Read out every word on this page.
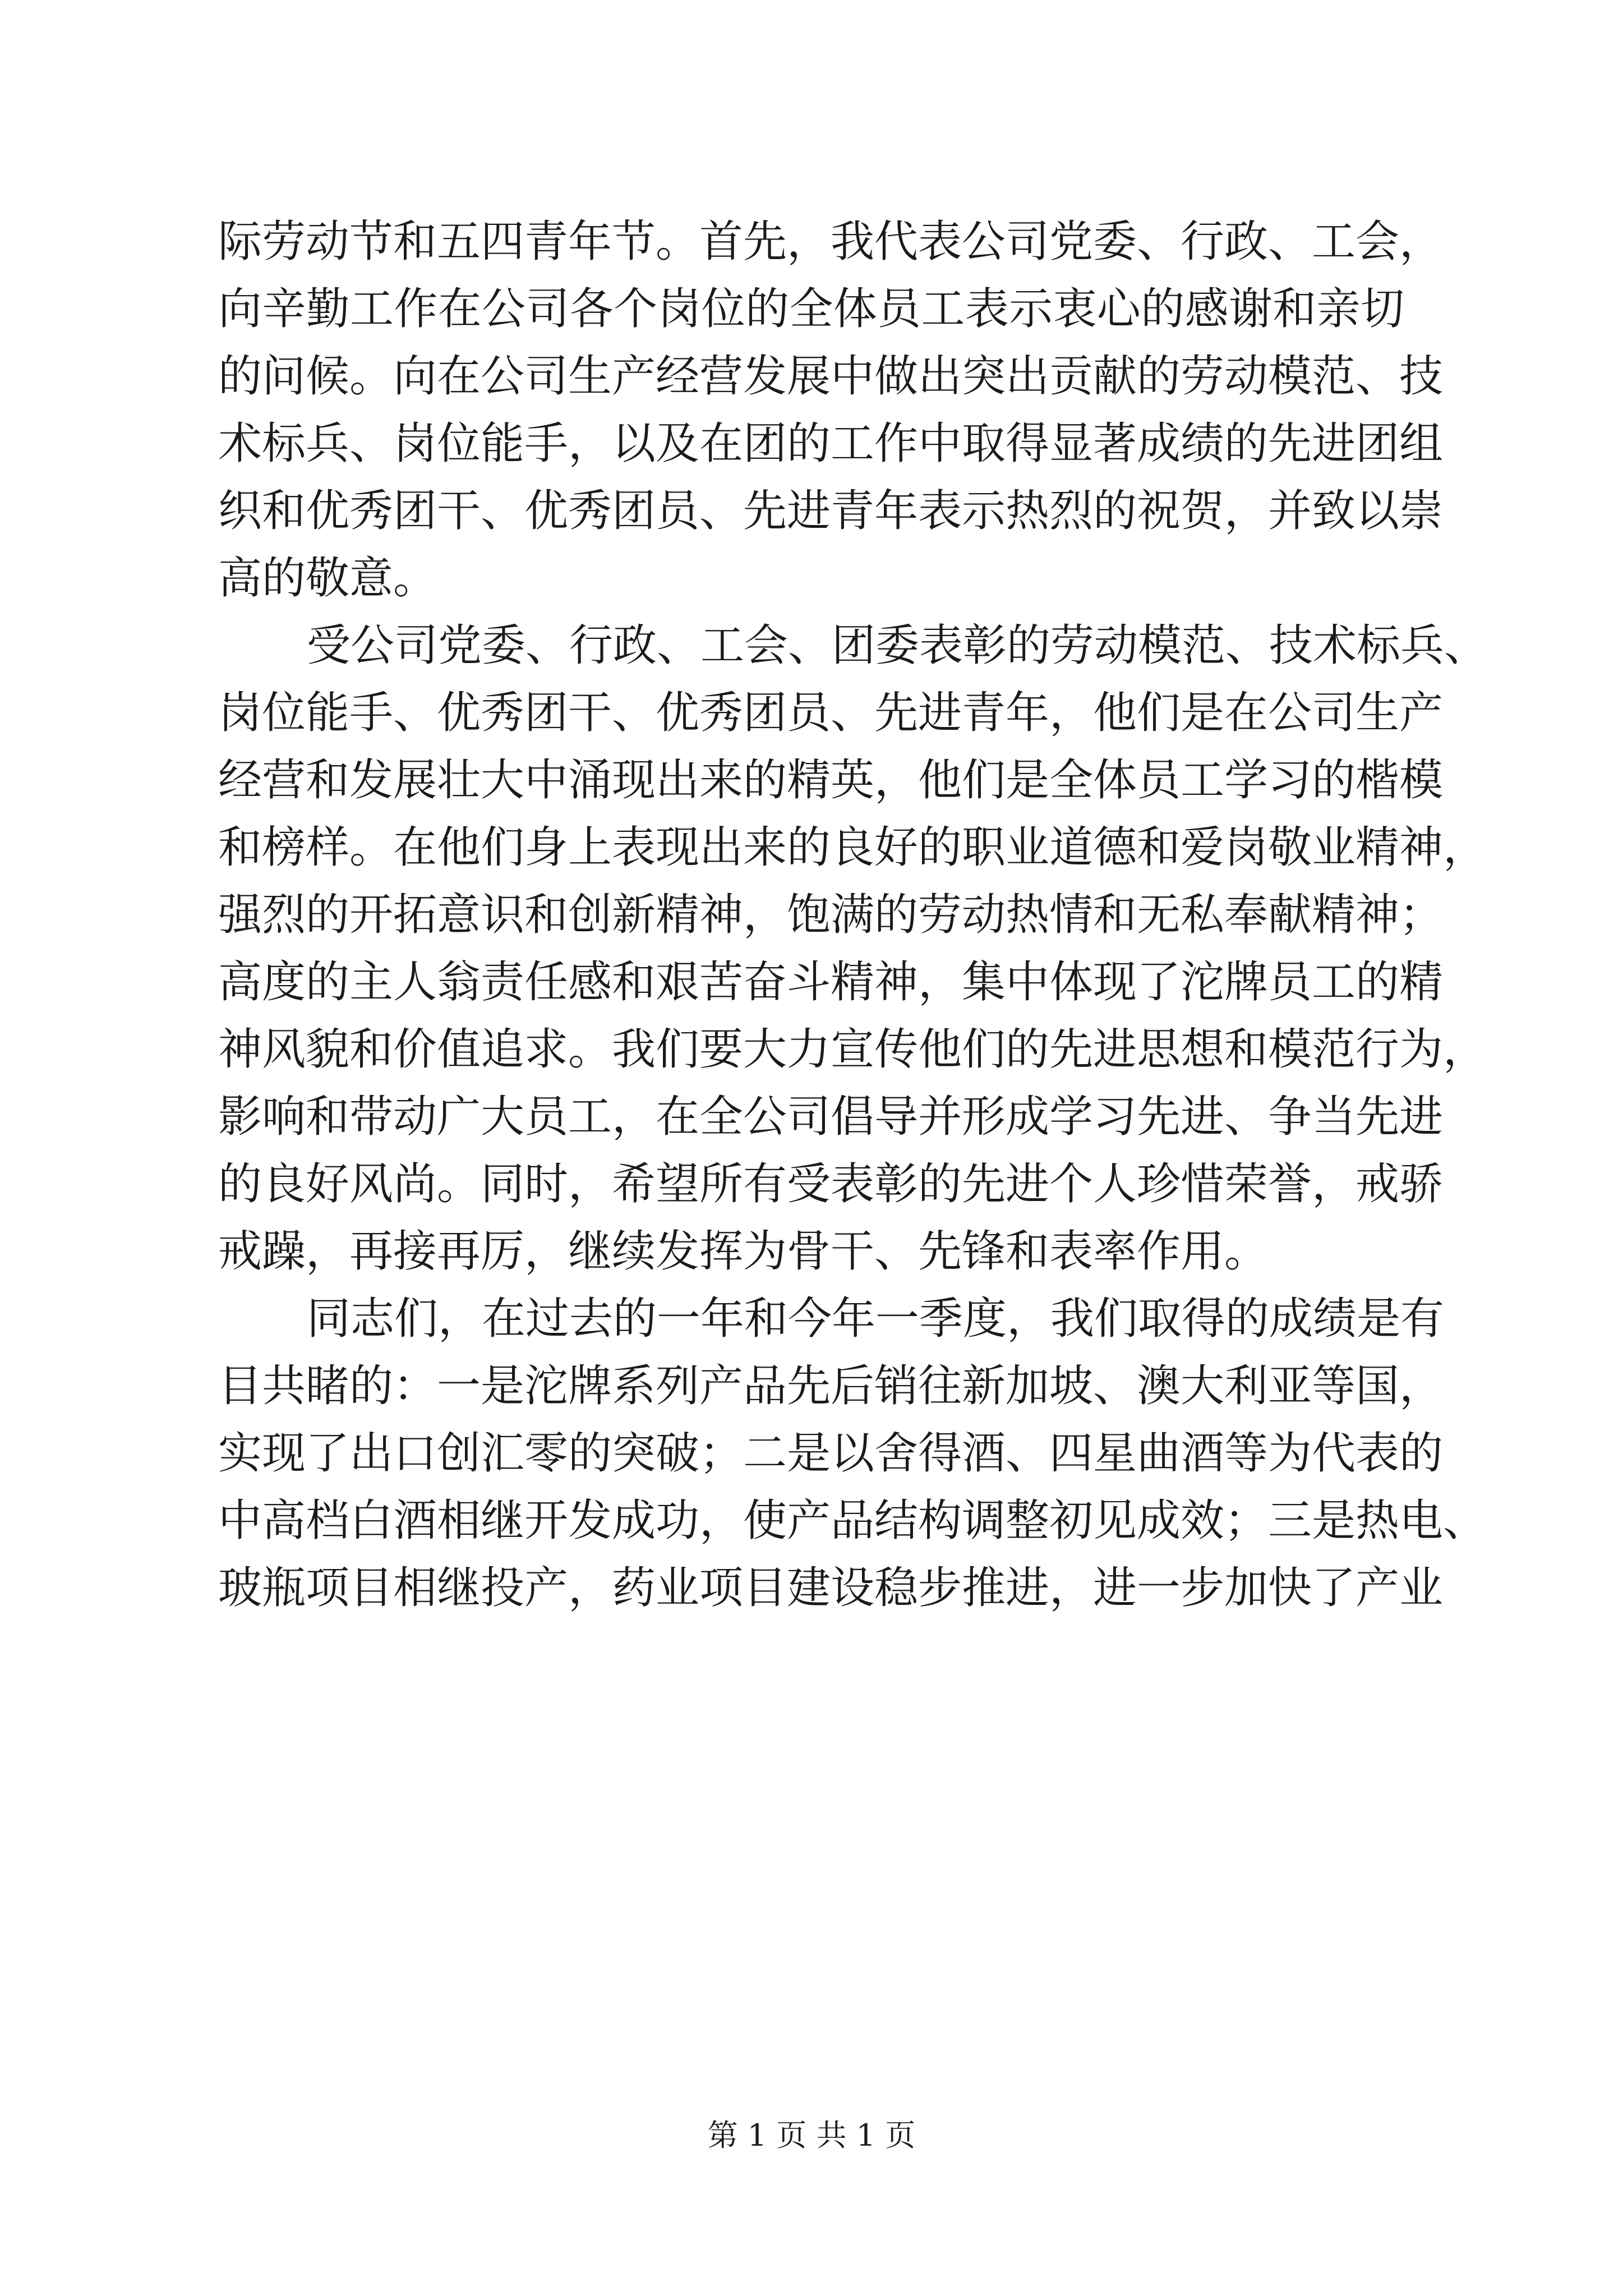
际劳动节和五四青年节。首先，我代表公司党委、行政、工会，
向辛勤工作在公司各个岗位的全体员工表示衷心的感谢和亲切
的问候。向在公司生产经营发展中做出突出贡献的劳动模范、技
术标兵、岗位能手，以及在团的工作中取得显著成绩的先进团组
织和优秀团干、优秀团员、先进青年表示热烈的祝贺，并致以崇
高的敬意。
受公司党委、行政、工会、团委表彰的劳动模范、技术标兵、
岗位能手、优秀团干、优秀团员、先进青年，他们是在公司生产
经营和发展壮大中涌现出来的精英，他们是全体员工学习的楷模
和榜样。在他们身上表现出来的良好的职业道德和爱岗敬业精神，
强烈的开拓意识和创新精神，饱满的劳动热情和无私奉献精神；
高度的主人翁责任感和艰苦奋斗精神，集中体现了沱牌员工的精
神风貌和价值追求。我们要大力宣传他们的先进思想和模范行为，
影响和带动广大员工，在全公司倡导并形成学习先进、争当先进
的良好风尚。同时，希望所有受表彰的先进个人珍惜荣誉，戒骄
戒躁，再接再厉，继续发挥为骨干、先锋和表率作用。
同志们，在过去的一年和今年一季度，我们取得的成绩是有
目共睹的：一是沱牌系列产品先后销往新加坡、澳大利亚等国，
实现了出口创汇零的突破；二是以舍得酒、四星曲酒等为代表的
中高档白酒相继开发成功，使产品结构调整初见成效；三是热电、
玻瓶项目相继投产，药业项目建设稳步推进，进一步加快了产业
第 1 页 共 1 页
